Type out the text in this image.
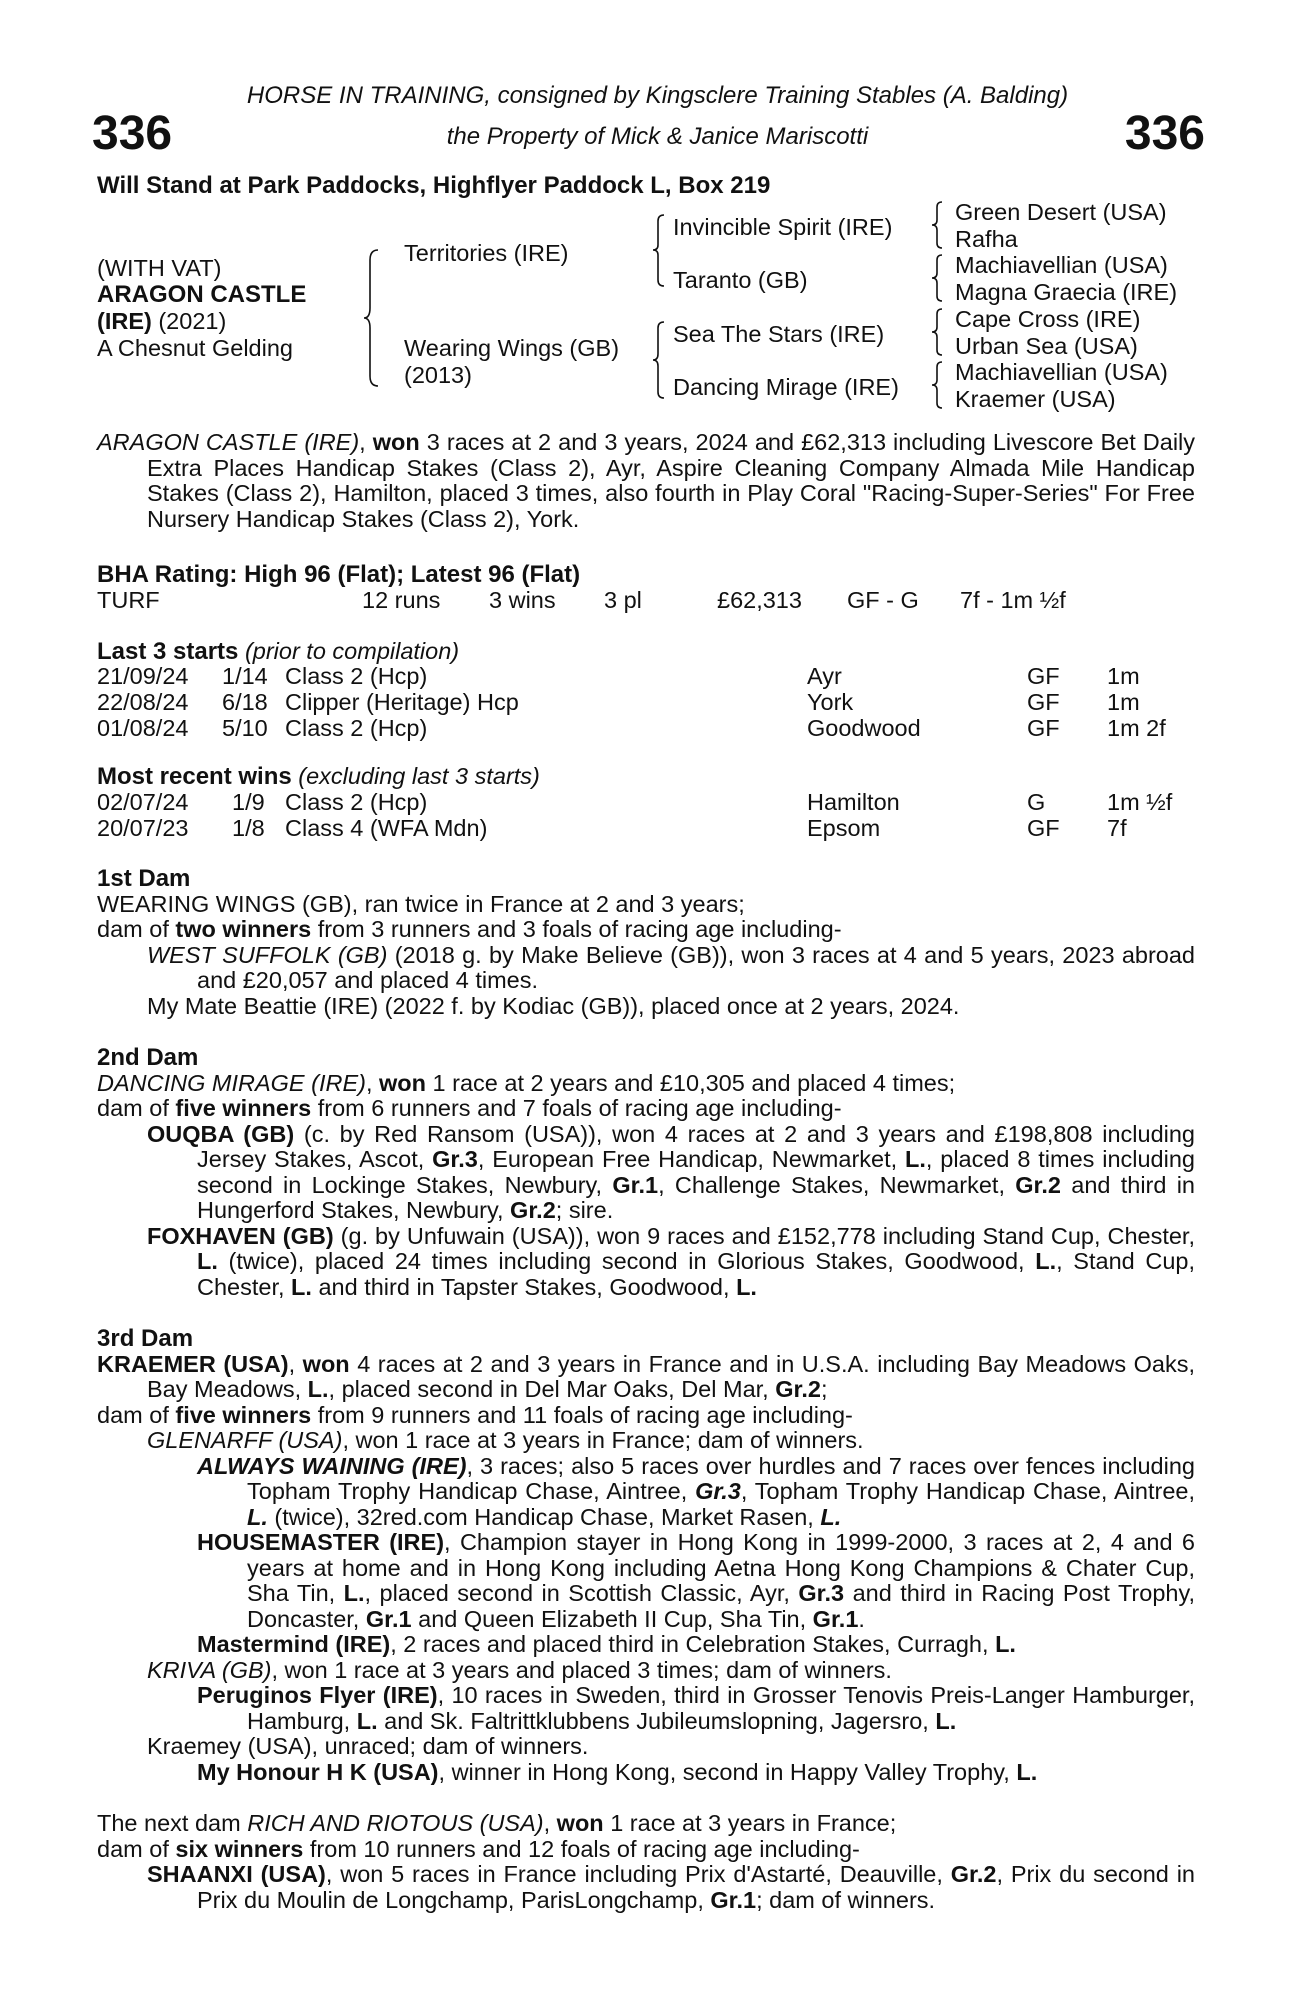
HORSE IN TRAINING, consigned by Kingsclere Training Stables (A. Balding)
the Property of Mick & Janice Mariscotti
336	336
Will Stand at Park Paddocks, Highflyer Paddock L, Box 219
(WITH VAT)
ARAGON CASTLE
(IRE) (2021)
A Chesnut Gelding
Territories (IRE)
Wearing Wings (GB)
(2013)
Invincible Spirit (IRE)
Taranto (GB)
Sea The Stars (IRE)
Dancing Mirage (IRE)
Green Desert (USA)
Rafha
Machiavellian (USA)
Magna Graecia (IRE)
Cape Cross (IRE)
Urban Sea (USA)
Machiavellian (USA)
Kraemer (USA)
ARAGON CASTLE (IRE), won 3 races at 2 and 3 years, 2024 and £62,313 including Livescore Bet Daily Extra Places Handicap Stakes (Class 2), Ayr, Aspire Cleaning Company Almada Mile Handicap Stakes (Class 2), Hamilton, placed 3 times, also fourth in Play Coral "Racing-Super-Series" For Free Nursery Handicap Stakes (Class 2), York.
BHA Rating: High 96 (Flat); Latest 96 (Flat)
TURF	12 runs 3 wins 3 pl	£62,313 GF - G 7f - 1m ½f
Last 3 starts (prior to compilation)
21/09/24 1/14 Class 2 (Hcp)	Ayr	GF 1m
22/08/24 6/18 Clipper (Heritage) Hcp	York	GF 1m
01/08/24 5/10 Class 2 (Hcp)	Goodwood	GF 1m 2f
Most recent wins (excluding last 3 starts)
02/07/24 1/9 Class 2 (Hcp)	Hamilton	G	1m ½f
20/07/23 1/8 Class 4 (WFA Mdn)	Epsom	GF 7f
1st Dam
WEARING WINGS (GB), ran twice in France at 2 and 3 years;
dam of two winners from 3 runners and 3 foals of racing age including-
WEST SUFFOLK (GB) (2018 g. by Make Believe (GB)), won 3 races at 4 and 5 years, 2023 abroad and £20,057 and placed 4 times.
My Mate Beattie (IRE) (2022 f. by Kodiac (GB)), placed once at 2 years, 2024.
2nd Dam
DANCING MIRAGE (IRE), won 1 race at 2 years and £10,305 and placed 4 times;
dam of five winners from 6 runners and 7 foals of racing age including-
OUQBA (GB) (c. by Red Ransom (USA)), won 4 races at 2 and 3 years and £198,808 including Jersey Stakes, Ascot, Gr.3, European Free Handicap, Newmarket, L., placed 8 times including second in Lockinge Stakes, Newbury, Gr.1, Challenge Stakes, Newmarket, Gr.2 and third in Hungerford Stakes, Newbury, Gr.2; sire.
FOXHAVEN (GB) (g. by Unfuwain (USA)), won 9 races and £152,778 including Stand Cup, Chester, L. (twice), placed 24 times including second in Glorious Stakes, Goodwood, L., Stand Cup, Chester, L. and third in Tapster Stakes, Goodwood, L.
3rd Dam
KRAEMER (USA), won 4 races at 2 and 3 years in France and in U.S.A. including Bay Meadows Oaks, Bay Meadows, L., placed second in Del Mar Oaks, Del Mar, Gr.2;
dam of five winners from 9 runners and 11 foals of racing age including-
GLENARFF (USA), won 1 race at 3 years in France; dam of winners.
ALWAYS WAINING (IRE), 3 races; also 5 races over hurdles and 7 races over fences including Topham Trophy Handicap Chase, Aintree, Gr.3, Topham Trophy Handicap Chase, Aintree, L. (twice), 32red.com Handicap Chase, Market Rasen, L.
HOUSEMASTER (IRE), Champion stayer in Hong Kong in 1999-2000, 3 races at 2, 4 and 6 years at home and in Hong Kong including Aetna Hong Kong Champions & Chater Cup, Sha Tin, L., placed second in Scottish Classic, Ayr, Gr.3 and third in Racing Post Trophy, Doncaster, Gr.1 and Queen Elizabeth II Cup, Sha Tin, Gr.1.
Mastermind (IRE), 2 races and placed third in Celebration Stakes, Curragh, L.
KRIVA (GB), won 1 race at 3 years and placed 3 times; dam of winners.
Peruginos Flyer (IRE), 10 races in Sweden, third in Grosser Tenovis Preis-Langer Hamburger, Hamburg, L. and Sk. Faltrittklubbens Jubileumslopning, Jagersro, L.
Kraemey (USA), unraced; dam of winners.
My Honour H K (USA), winner in Hong Kong, second in Happy Valley Trophy, L.
The next dam RICH AND RIOTOUS (USA), won 1 race at 3 years in France;
dam of six winners from 10 runners and 12 foals of racing age including-
SHAANXI (USA), won 5 races in France including Prix d'Astarté, Deauville, Gr.2, Prix du second in Prix du Moulin de Longchamp, ParisLongchamp, Gr.1; dam of winners.
